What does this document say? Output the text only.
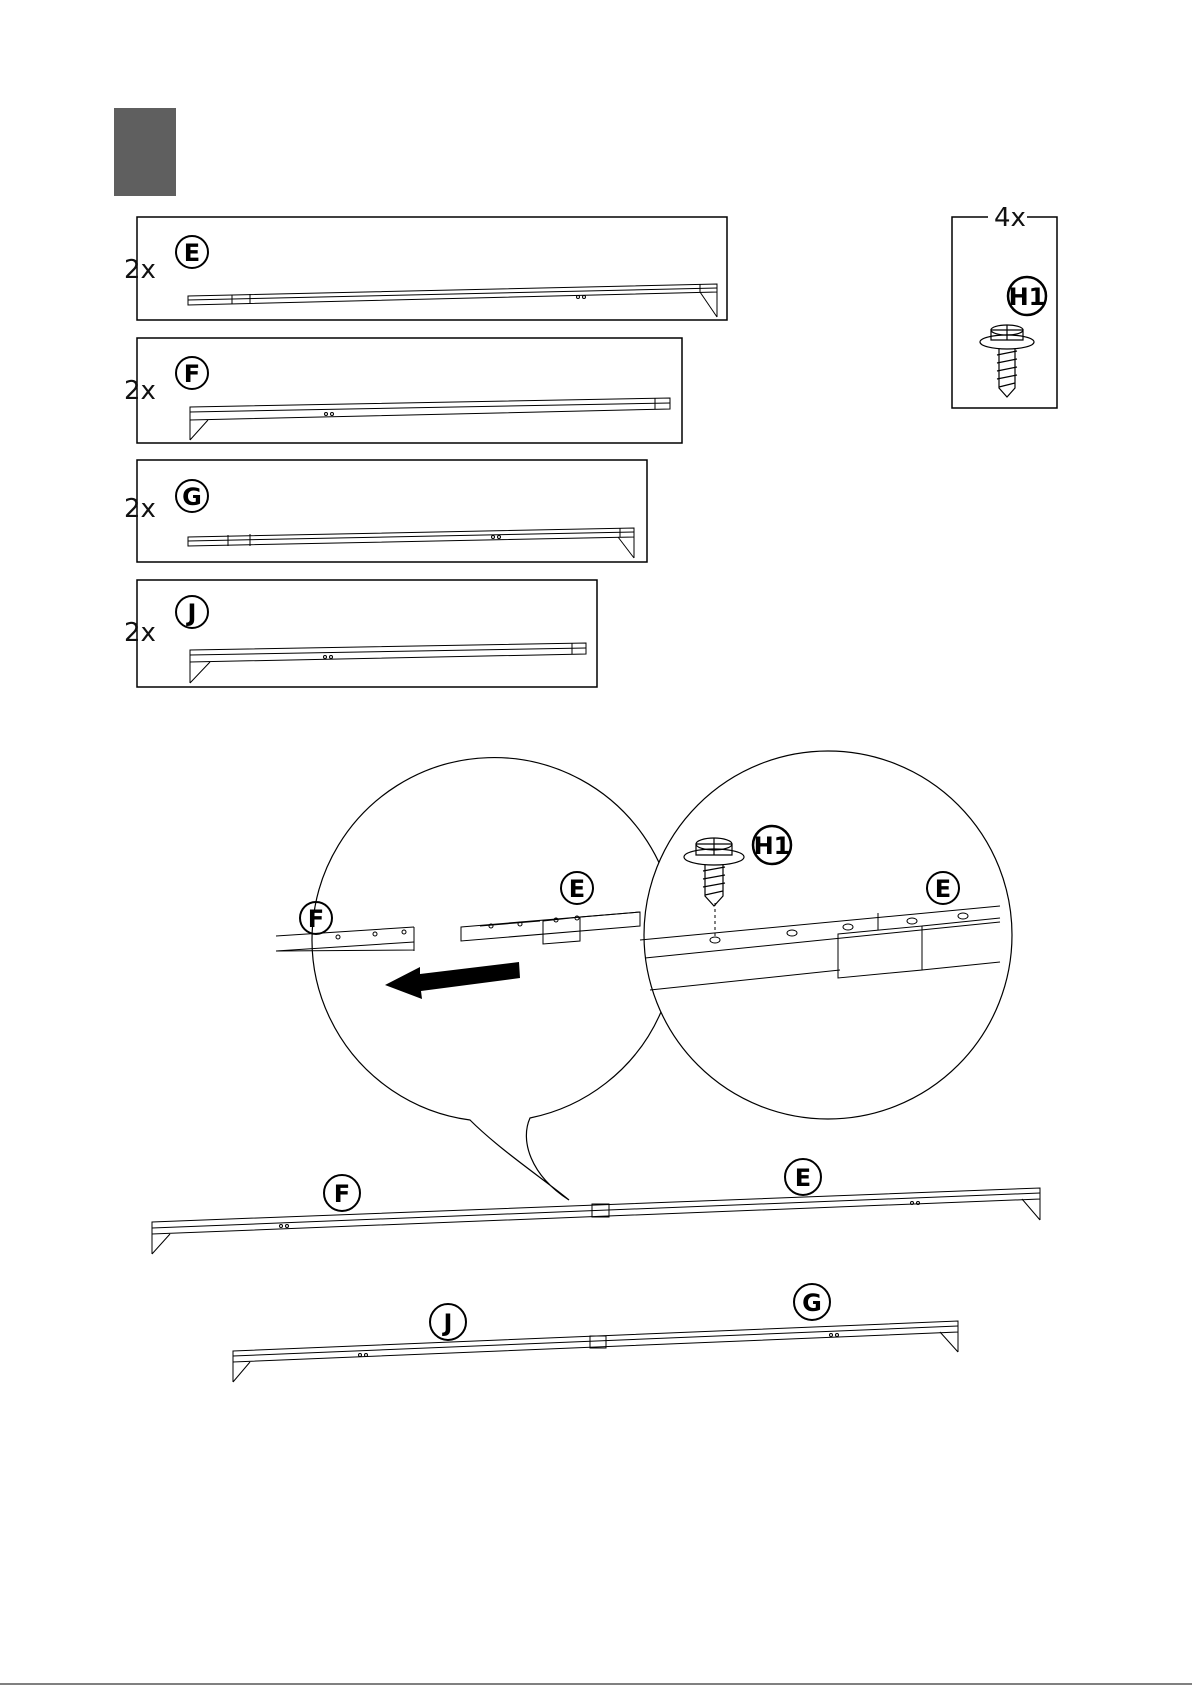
2x
E
2x
F
2x G
2x
J
4x
H1
F
E
H1
E
F
E
J
G
